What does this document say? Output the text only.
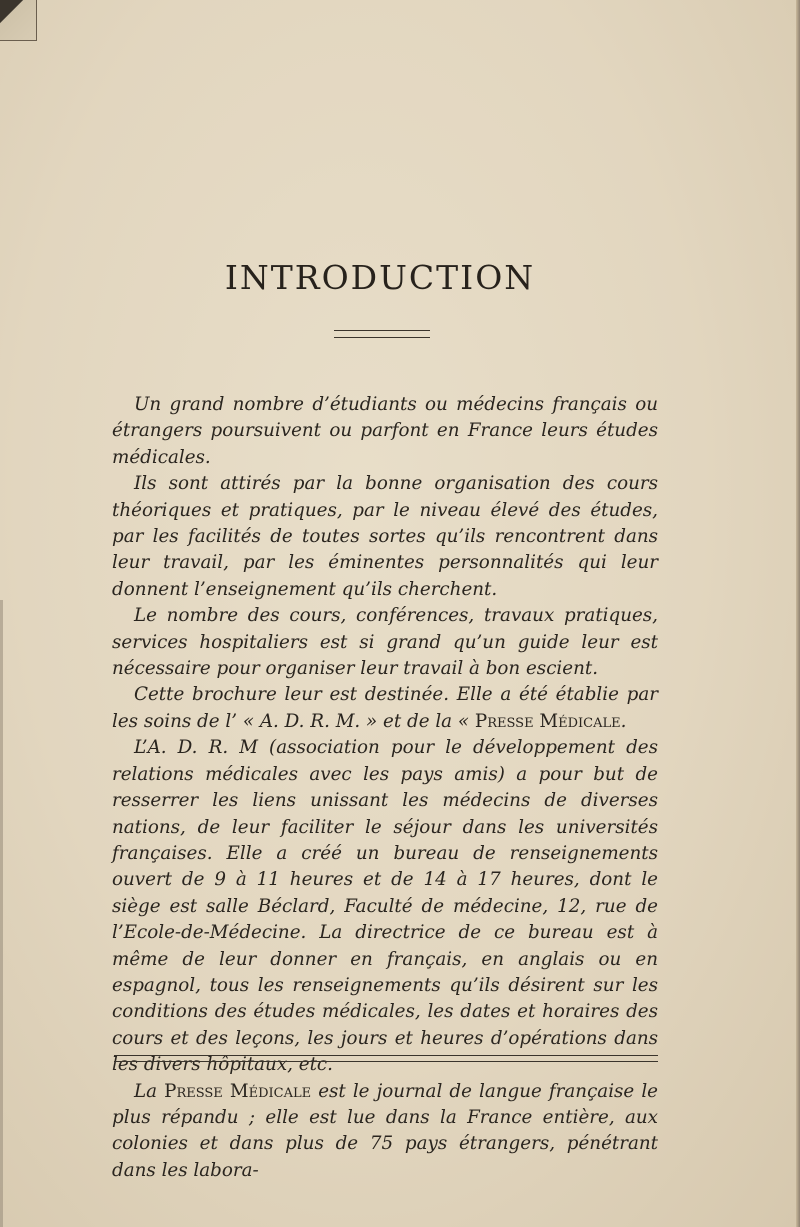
INTRODUCTION

Un grand nombre d’étudiants ou médecins français ou étrangers poursuivent ou parfont en France leurs études médicales.

Ils sont attirés par la bonne organisation des cours théoriques et pratiques, par le niveau élevé des études, par les facilités de toutes sortes qu’ils rencontrent dans leur travail, par les éminentes personnalités qui leur donnent l’enseignement qu’ils cherchent.

Le nombre des cours, conférences, travaux pratiques, services hospitaliers est si grand qu’un guide leur est nécessaire pour organiser leur travail à bon escient.

Cette brochure leur est destinée. Elle a été établie par les soins de l’ « A. D. R. M. » et de la « Presse Médicale.

L’A. D. R. M (association pour le développement des relations médicales avec les pays amis) a pour but de resserrer les liens unissant les médecins de diverses nations, de leur faciliter le séjour dans les universités françaises. Elle a créé un bureau de renseignements ouvert de 9 à 11 heures et de 14 à 17 heures, dont le siège est salle Béclard, Faculté de médecine, 12, rue de l’Ecole-de-Médecine. La directrice de ce bureau est à même de leur donner en français, en anglais ou en espagnol, tous les renseignements qu’ils désirent sur les conditions des études médicales, les dates et horaires des cours et des leçons, les jours et heures d’opérations dans les divers hôpitaux, etc.

La Presse Médicale est le journal de langue française le plus répandu ; elle est lue dans la France entière, aux colonies et dans plus de 75 pays étrangers, pénétrant dans les labora-
